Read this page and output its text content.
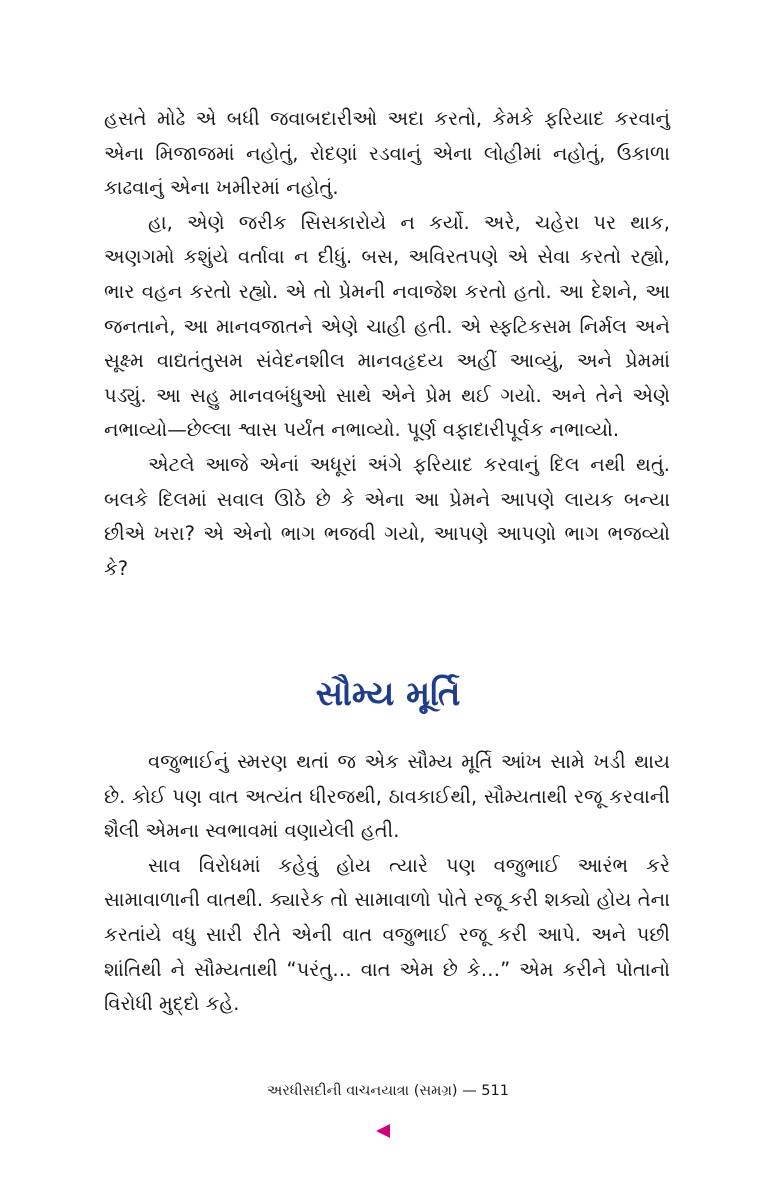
હસતે મોઢે એ બધી જવાબદારીઓ અદા કરતો, કેમકે ફરિયાદ કરવાનું એના મિજાજમાં નહોતું, રોદણાં રડવાનું એના લોહીમાં નહોતું, ઉકાળા કાઢવાનું એના ખમીરમાં નહોતું.

હા, એણે જરીક સિસકારોયે ન કર્યો. અરે, ચહેરા પર થાક, અણગમો કશુંયે વર્તાવા ન દીધું. બસ, અવિરતપણે એ સેવા કરતો રહ્યો, ભાર વહન કરતો રહ્યો. એ તો પ્રેમની નવાજેશ કરતો હતો. આ દેશને, આ જનતાને, આ માનવજાતને એણે ચાહી હતી. એ સ્ફટિકસમ નિર્મલ અને સૂક્ષ્મ વાદ્યતંતુસમ સંવેદનશીલ માનવહૃદય અહીં આવ્યું, અને પ્રેમમાં પડ્યું. આ સહુ માનવબંધુઓ સાથે એને પ્રેમ થઈ ગયો. અને તેને એણે નભાવ્યો—છેલ્લા શ્વાસ પર્યંત નભાવ્યો. પૂર્ણ વફાદારીપૂર્વક નભાવ્યો.

એટલે આજે એનાં અધૂરાં અંગે ફરિયાદ કરવાનું દિલ નથી થતું. બલકે દિલમાં સવાલ ઊઠે છે કે એના આ પ્રેમને આપણે લાયક બન્યા છીએ ખરા? એ એનો ભાગ ભજવી ગયો, આપણે આપણો ભાગ ભજવ્યો કે?

સૌમ્ય મૂર્તિ

વજુભાઈનું સ્મરણ થતાં જ એક સૌમ્ય મૂર્તિ આંખ સામે ખડી થાય છે. કોઈ પણ વાત અત્યંત ધીરજથી, ઠાવકાઈથી, સૌમ્યતાથી રજૂ કરવાની શૈલી એમના સ્વભાવમાં વણાયેલી હતી.

સાવ વિરોધમાં કહેવું હોય ત્યારે પણ વજુભાઈ આરંભ કરે સામાવાળાની વાતથી. ક્યારેક તો સામાવાળો પોતે રજૂ કરી શક્યો હોય તેના કરતાંયે વધુ સારી રીતે એની વાત વજુભાઈ રજૂ કરી આપે. અને પછી શાંતિથી ને સૌમ્યતાથી “પરંતુ… વાત એમ છે કે…” એમ કરીને પોતાનો વિરોધી મુદ્દો કહે.

અરધીસદીની વાચનયાત્રા (સમગ્ર) — 511
